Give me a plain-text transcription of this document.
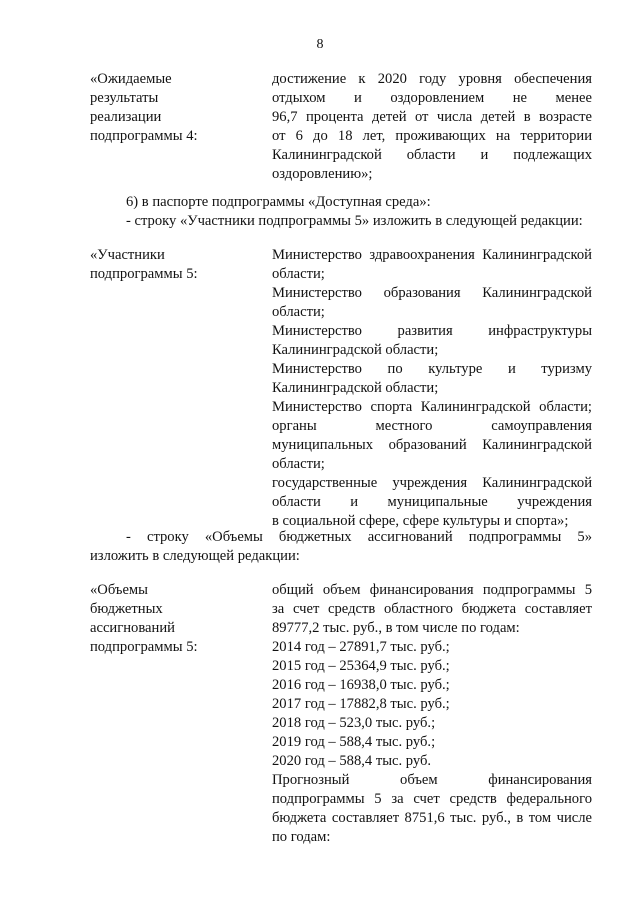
8
«Ожидаемые
результаты
реализации
подпрограммы 4:
достижение к 2020 году уровня обеспечения
отдыхом и оздоровлением не менее
96,7 процента детей от числа детей в возрасте
от 6 до 18 лет, проживающих на территории
Калининградской области и подлежащих
оздоровлению»;
6) в паспорте подпрограммы «Доступная среда»:
- строку «Участники подпрограммы 5» изложить в следующей редакции:
«Участники
подпрограммы 5:
Министерство здравоохранения Калининградской
области;
Министерство образования Калининградской
области;
Министерство развития инфраструктуры
Калининградской области;
Министерство по культуре и туризму
Калининградской области;
Министерство спорта Калининградской области;
органы местного самоуправления
муниципальных образований Калининградской
области;
государственные учреждения Калининградской
области и муниципальные учреждения
в социальной сфере, сфере культуры и спорта»;
- строку «Объемы бюджетных ассигнований подпрограммы 5»
изложить в следующей редакции:
«Объемы
бюджетных
ассигнований
подпрограммы 5:
общий объем финансирования подпрограммы 5
за счет средств областного бюджета составляет
89777,2 тыс. руб., в том числе по годам:
2014 год – 27891,7 тыс. руб.;
2015 год – 25364,9 тыс. руб.;
2016 год – 16938,0 тыс. руб.;
2017 год – 17882,8 тыс. руб.;
2018 год – 523,0 тыс. руб.;
2019 год – 588,4 тыс. руб.;
2020 год – 588,4 тыс. руб.
Прогнозный объем финансирования
подпрограммы 5 за счет средств федерального
бюджета составляет 8751,6 тыс. руб., в том числе
по годам:
